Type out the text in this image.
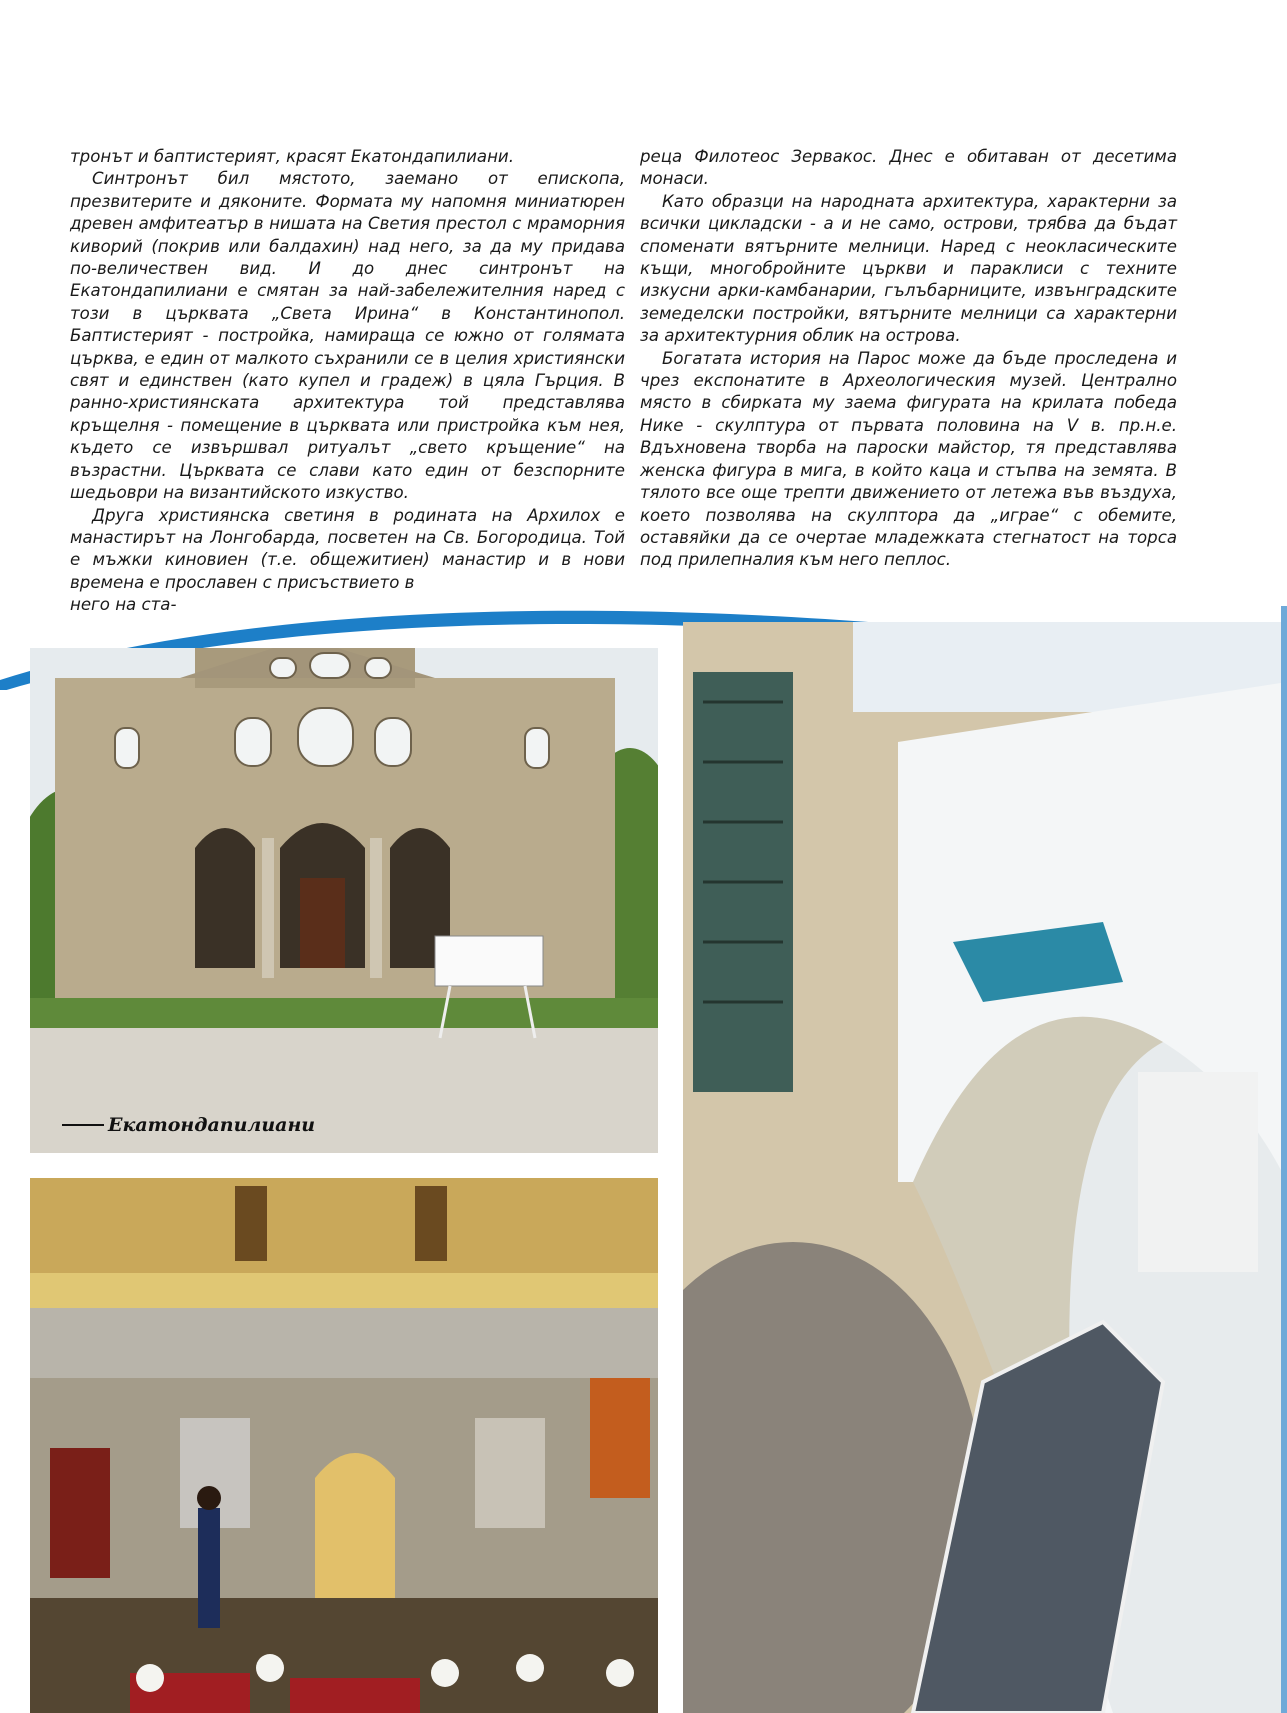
тронът и баптистерият, красят Екатондапилиани.

Синтронът бил мястото, заемано от епископа, презвитерите и дяконите. Формата му напомня миниатюрен древен амфитеатър в нишата на Светия престол с мраморния кивoрий (покрив или балдахин) над него, за да му придава по-величествен вид. И до днес синтронът на Екатондапилиани е смятан за най-забележителния наред с този в църквата „Света Ирина“ в Константинопол. Баптистерият - постройка, намираща се южно от голямата църква, е един от малкото съхранили се в целия християнски свят и единствен (като купел и градеж) в цяла Гърция. В ранно-християнската архитектура той представлява кръщелня - помещение в църквата или пристройка към нея, където се извършвал ритуалът „свето кръщение“ на възрастни. Църквата се слави като един от безспорните шедьоври на византийското изкуство.

Друга християнска светиня в родината на Архилох е манастирът на Лонгобарда, посветен на Св. Богородица. Той е мъжки киновиен (т.е. общежитиен) манастир и в нови времена е прославен с присъствието в

него на ста-

реца Филотеос Зервакос. Днес е обитаван от десетима монаси.

Като образци на народната архитектура, характерни за всички цикладски - а и не само, острови, трябва да бъдат споменати вятърните мелници. Наред с неокласическите къщи, многобройните църкви и параклиси с техните изкусни арки-камбанарии, гълъбарниците, извънградските земеделски постройки, вятърните мелници са характерни за архитектурния облик на острова.

Богатата история на Парос може да бъде проследена и чрез експонатите в Археологическия музей. Централно място в сбирката му заема фигурата на крилата победа Нике - скулптура от първата половина на V в. пр.н.е. Вдъхновена творба на пароски майстор, тя представлява женска фигура в мига, в който каца и стъпва на земята. В тялото все още трепти движението от летежа във въздуха, което позволява на скулптора да „играе“ с обемите, оставяйки да се очертае младежката стегнатост на торса под прилепналия към него пеплос.

Екатондапилиани
